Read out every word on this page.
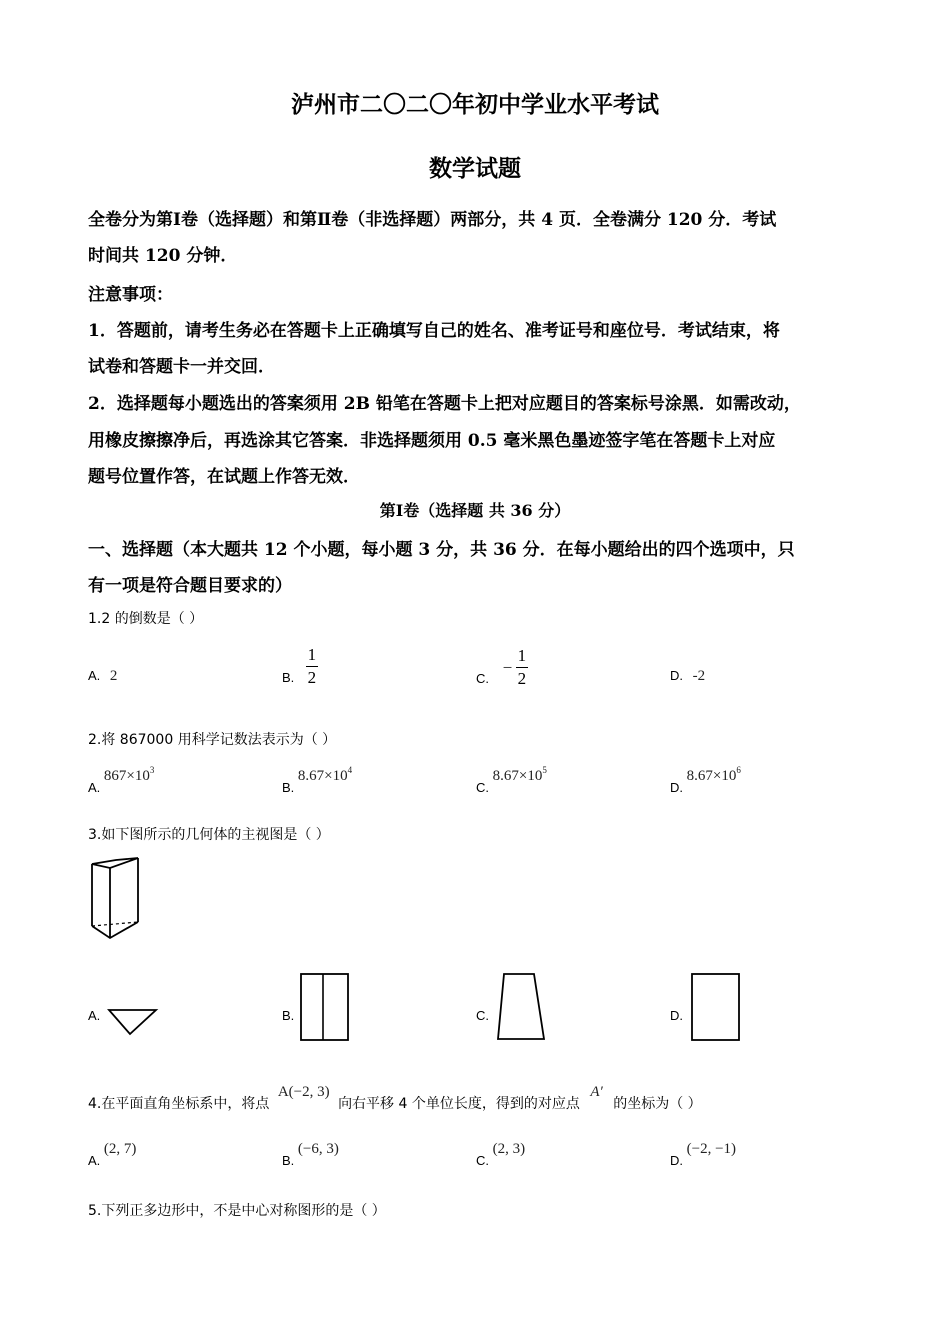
泸州市二〇二〇年初中学业水平考试
数学试题
全卷分为第Ⅰ卷（选择题）和第Ⅱ卷（非选择题）两部分，共 4 页．全卷满分 120 分．考试
时间共 120 分钟．
注意事项：
1．答题前，请考生务必在答题卡上正确填写自己的姓名、准考证号和座位号．考试结束，将
试卷和答题卡一并交回．
2．选择题每小题选出的答案须用 2B 铅笔在答题卡上把对应题目的答案标号涂黑．如需改动，
用橡皮擦擦净后，再选涂其它答案．非选择题须用 0.5 毫米黑色墨迹签字笔在答题卡上对应
题号位置作答，在试题上作答无效．
第Ⅰ卷（选择题 共 36 分）
一、选择题（本大题共 12 个小题，每小题 3 分，共 36 分．在每小题给出的四个选项中，只
有一项是符合题目要求的）
1.2 的倒数是（ ）
A. 2	B. $\frac{1}{2}$	C. − $\frac{1}{2}$	D. -2
2.将 867000 用科学记数法表示为（ ）
A. $867\times 10^3$
B. $8.67\times 10^4$
C. $8.67\times 10^5$
D. $8.67\times 10^6$
3.如下图所示的几何体的主视图是（ ）
A.	B.	C.	D.
4.在平面直角坐标系中，将点 A(−2, 3) 向右平移 4 个单位长度，得到的对应点 A′ 的坐标为（ ）
A. (2, 7)
B. (−6, 3)
C. (2, 3)
D. (−2, −1)
5.下列正多边形中，不是中心对称图形的是（ ）
